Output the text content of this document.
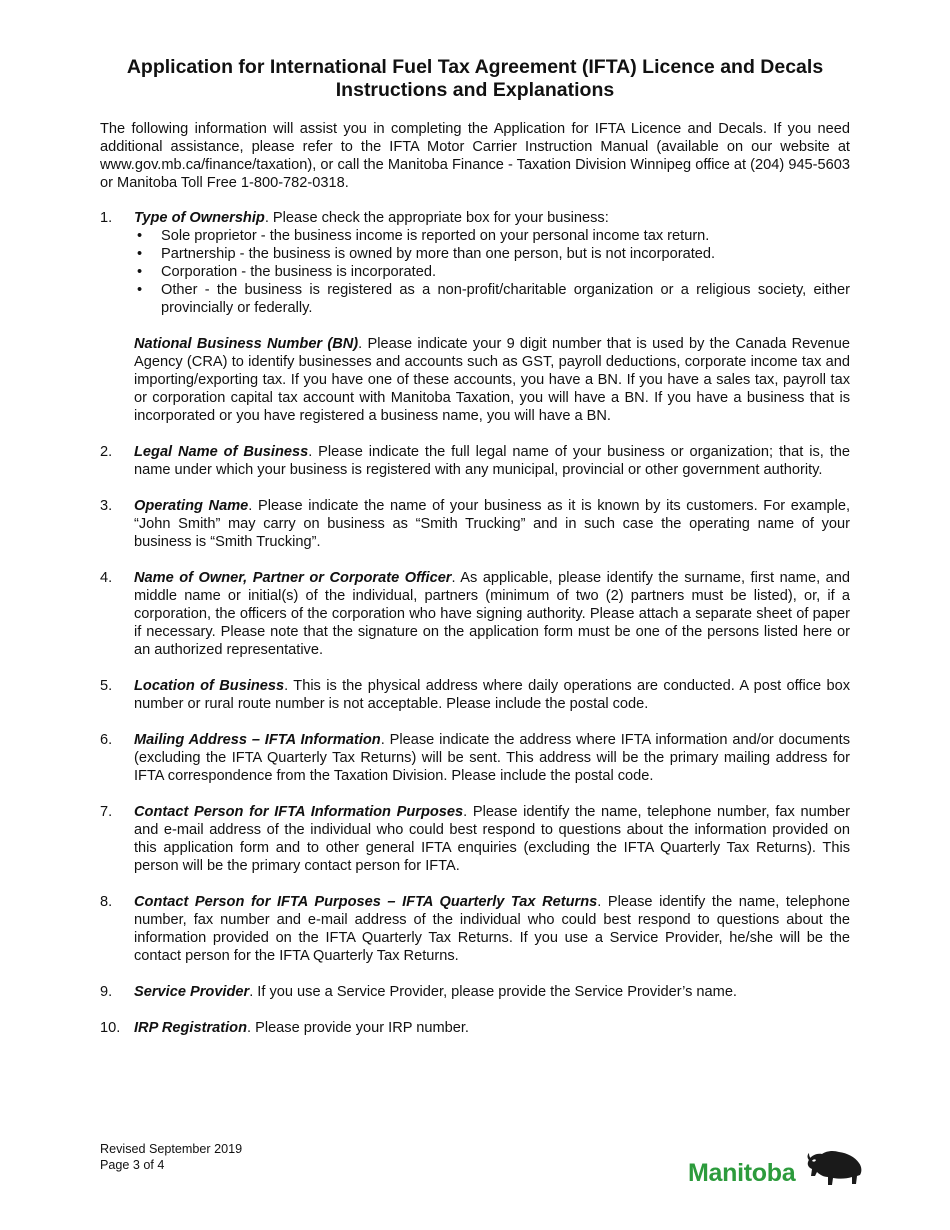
Application for International Fuel Tax Agreement (IFTA) Licence and Decals
Instructions and Explanations

The following information will assist you in completing the Application for IFTA Licence and Decals. If you need additional assistance, please refer to the IFTA Motor Carrier Instruction Manual (available on our website at www.gov.mb.ca/finance/taxation), or call the Manitoba Finance - Taxation Division Winnipeg office at (204) 945-5603 or Manitoba Toll Free 1-800-782-0318.

1. Type of Ownership. Please check the appropriate box for your business:
• Sole proprietor - the business income is reported on your personal income tax return.
• Partnership - the business is owned by more than one person, but is not incorporated.
• Corporation - the business is incorporated.
• Other - the business is registered as a non-profit/charitable organization or a religious society, either provincially or federally.

National Business Number (BN). Please indicate your 9 digit number that is used by the Canada Revenue Agency (CRA) to identify businesses and accounts such as GST, payroll deductions, corporate income tax and importing/exporting tax. If you have one of these accounts, you have a BN. If you have a sales tax, payroll tax or corporation capital tax account with Manitoba Taxation, you will have a BN. If you have a business that is incorporated or you have registered a business name, you will have a BN.

2. Legal Name of Business. Please indicate the full legal name of your business or organization; that is, the name under which your business is registered with any municipal, provincial or other government authority.
3. Operating Name. Please indicate the name of your business as it is known by its customers. For example, “John Smith” may carry on business as “Smith Trucking” and in such case the operating name of your business is “Smith Trucking”.
4. Name of Owner, Partner or Corporate Officer. As applicable, please identify the surname, first name, and middle name or initial(s) of the individual, partners (minimum of two (2) partners must be listed), or, if a corporation, the officers of the corporation who have signing authority. Please attach a separate sheet of paper if necessary. Please note that the signature on the application form must be one of the persons listed here or an authorized representative.
5. Location of Business. This is the physical address where daily operations are conducted. A post office box number or rural route number is not acceptable. Please include the postal code.
6. Mailing Address – IFTA Information. Please indicate the address where IFTA information and/or documents (excluding the IFTA Quarterly Tax Returns) will be sent. This address will be the primary mailing address for IFTA correspondence from the Taxation Division. Please include the postal code.
7. Contact Person for IFTA Information Purposes. Please identify the name, telephone number, fax number and e-mail address of the individual who could best respond to questions about the information provided on this application form and to other general IFTA enquiries (excluding the IFTA Quarterly Tax Returns). This person will be the primary contact person for IFTA.
8. Contact Person for IFTA Purposes – IFTA Quarterly Tax Returns. Please identify the name, telephone number, fax number and e-mail address of the individual who could best respond to questions about the information provided on the IFTA Quarterly Tax Returns. If you use a Service Provider, he/she will be the contact person for the IFTA Quarterly Tax Returns.
9. Service Provider. If you use a Service Provider, please provide the Service Provider’s name.
10. IRP Registration. Please provide your IRP number.
Revised September 2019
Page 3 of 4	Manitoba
